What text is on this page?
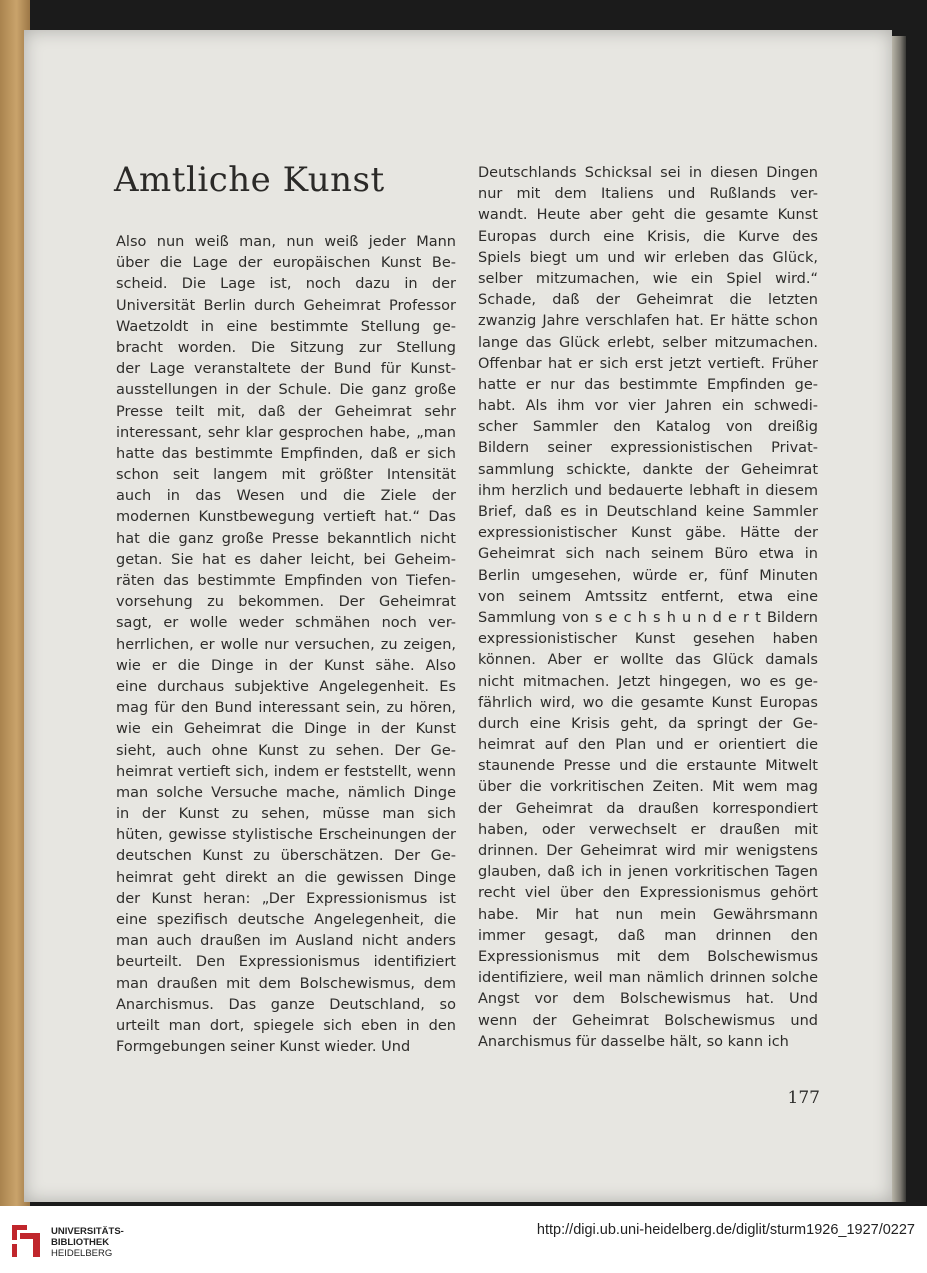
Amtliche Kunst
Also nun weiß man, nun weiß jeder Mann
über die Lage der europäischen Kunst Be-
scheid. Die Lage ist, noch dazu in der
Universität Berlin durch Geheimrat Professor
Waetzoldt in eine bestimmte Stellung ge-
bracht worden. Die Sitzung zur Stellung
der Lage veranstaltete der Bund für Kunst-
ausstellungen in der Schule. Die ganz große
Presse teilt mit, daß der Geheimrat sehr
interessant, sehr klar gesprochen habe, „man
hatte das bestimmte Empfinden, daß er sich
schon seit langem mit größter Intensität
auch in das Wesen und die Ziele der
modernen Kunstbewegung vertieft hat.“ Das
hat die ganz große Presse bekanntlich nicht
getan. Sie hat es daher leicht, bei Geheim-
räten das bestimmte Empfinden von Tiefen-
vorsehung zu bekommen. Der Geheimrat
sagt, er wolle weder schmähen noch ver-
herrlichen, er wolle nur versuchen, zu zeigen,
wie er die Dinge in der Kunst sähe. Also
eine durchaus subjektive Angelegenheit. Es
mag für den Bund interessant sein, zu hören,
wie ein Geheimrat die Dinge in der Kunst
sieht, auch ohne Kunst zu sehen. Der Ge-
heimrat vertieft sich, indem er feststellt, wenn
man solche Versuche mache, nämlich Dinge
in der Kunst zu sehen, müsse man sich
hüten, gewisse stylistische Erscheinungen der
deutschen Kunst zu überschätzen. Der Ge-
heimrat geht direkt an die gewissen Dinge
der Kunst heran: „Der Expressionismus ist
eine spezifisch deutsche Angelegenheit, die
man auch draußen im Ausland nicht anders
beurteilt. Den Expressionismus identifiziert
man draußen mit dem Bolschewismus, dem
Anarchismus. Das ganze Deutschland, so
urteilt man dort, spiegele sich eben in den
Formgebungen seiner Kunst wieder. Und
Deutschlands Schicksal sei in diesen Dingen
nur mit dem Italiens und Rußlands ver-
wandt. Heute aber geht die gesamte Kunst
Europas durch eine Krisis, die Kurve des
Spiels biegt um und wir erleben das Glück,
selber mitzumachen, wie ein Spiel wird.“
Schade, daß der Geheimrat die letzten
zwanzig Jahre verschlafen hat. Er hätte schon
lange das Glück erlebt, selber mitzumachen.
Offenbar hat er sich erst jetzt vertieft. Früher
hatte er nur das bestimmte Empfinden ge-
habt. Als ihm vor vier Jahren ein schwedi-
scher Sammler den Katalog von dreißig
Bildern seiner expressionistischen Privat-
sammlung schickte, dankte der Geheimrat
ihm herzlich und bedauerte lebhaft in diesem
Brief, daß es in Deutschland keine Sammler
expressionistischer Kunst gäbe. Hätte der
Geheimrat sich nach seinem Büro etwa in
Berlin umgesehen, würde er, fünf Minuten
von seinem Amtssitz entfernt, etwa eine
Sammlung von s e c h s h u n d e r t Bildern
expressionistischer Kunst gesehen haben
können. Aber er wollte das Glück damals
nicht mitmachen. Jetzt hingegen, wo es ge-
fährlich wird, wo die gesamte Kunst Europas
durch eine Krisis geht, da springt der Ge-
heimrat auf den Plan und er orientiert die
staunende Presse und die erstaunte Mitwelt
über die vorkritischen Zeiten. Mit wem mag
der Geheimrat da draußen korrespondiert
haben, oder verwechselt er draußen mit
drinnen. Der Geheimrat wird mir wenigstens
glauben, daß ich in jenen vorkritischen Tagen
recht viel über den Expressionismus gehört
habe. Mir hat nun mein Gewährsmann
immer gesagt, daß man drinnen den
Expressionismus mit dem Bolschewismus
identifiziere, weil man nämlich drinnen solche
Angst vor dem Bolschewismus hat. Und
wenn der Geheimrat Bolschewismus und
Anarchismus für dasselbe hält, so kann ich
177
UNIVERSITÄTS-
BIBLIOTHEK
HEIDELBERG
http://digi.ub.uni-heidelberg.de/diglit/sturm1926_1927/0227
